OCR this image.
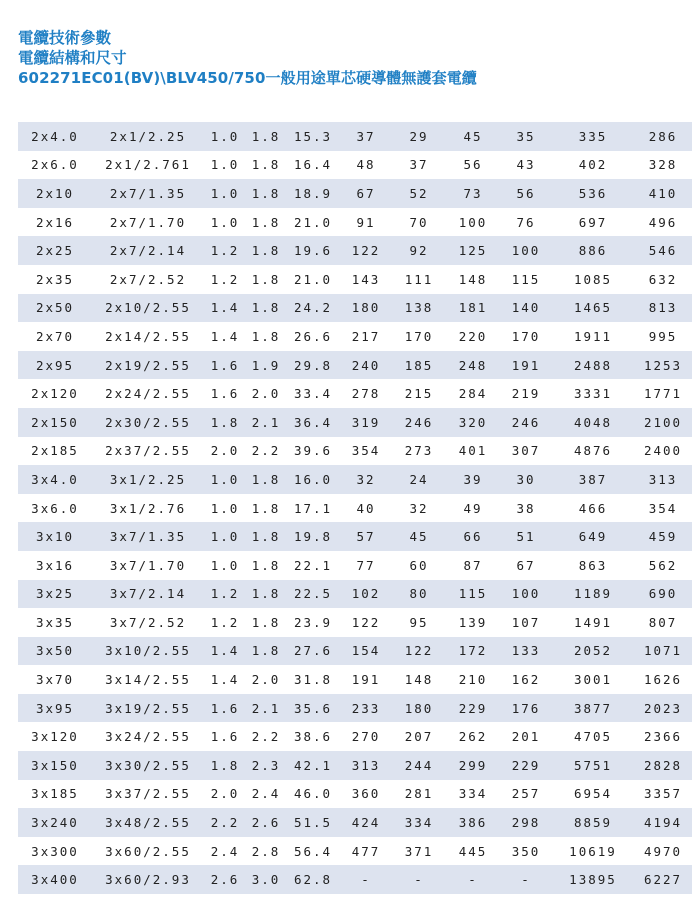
電纜技術參數
電纜結構和尺寸
602271EC01(BV)\BLV450/750一般用途單芯硬導體無護套電纜
2x4.0	2x1/2.25	1.0	1.8	15.3	37	29	45	35	335	286
2x6.0	2x1/2.761	1.0	1.8	16.4	48	37	56	43	402	328
2x10	2x7/1.35	1.0	1.8	18.9	67	52	73	56	536	410
2x16	2x7/1.70	1.0	1.8	21.0	91	70	100	76	697	496
2x25	2x7/2.14	1.2	1.8	19.6	122	92	125	100	886	546
2x35	2x7/2.52	1.2	1.8	21.0	143	111	148	115	1085	632
2x50	2x10/2.55	1.4	1.8	24.2	180	138	181	140	1465	813
2x70	2x14/2.55	1.4	1.8	26.6	217	170	220	170	1911	995
2x95	2x19/2.55	1.6	1.9	29.8	240	185	248	191	2488	1253
2x120	2x24/2.55	1.6	2.0	33.4	278	215	284	219	3331	1771
2x150	2x30/2.55	1.8	2.1	36.4	319	246	320	246	4048	2100
2x185	2x37/2.55	2.0	2.2	39.6	354	273	401	307	4876	2400
3x4.0	3x1/2.25	1.0	1.8	16.0	32	24	39	30	387	313
3x6.0	3x1/2.76	1.0	1.8	17.1	40	32	49	38	466	354
3x10	3x7/1.35	1.0	1.8	19.8	57	45	66	51	649	459
3x16	3x7/1.70	1.0	1.8	22.1	77	60	87	67	863	562
3x25	3x7/2.14	1.2	1.8	22.5	102	80	115	100	1189	690
3x35	3x7/2.52	1.2	1.8	23.9	122	95	139	107	1491	807
3x50	3x10/2.55	1.4	1.8	27.6	154	122	172	133	2052	1071
3x70	3x14/2.55	1.4	2.0	31.8	191	148	210	162	3001	1626
3x95	3x19/2.55	1.6	2.1	35.6	233	180	229	176	3877	2023
3x120	3x24/2.55	1.6	2.2	38.6	270	207	262	201	4705	2366
3x150	3x30/2.55	1.8	2.3	42.1	313	244	299	229	5751	2828
3x185	3x37/2.55	2.0	2.4	46.0	360	281	334	257	6954	3357
3x240	3x48/2.55	2.2	2.6	51.5	424	334	386	298	8859	4194
3x300	3x60/2.55	2.4	2.8	56.4	477	371	445	350	10619	4970
3x400	3x60/2.93	2.6	3.0	62.8	-	-	-	-	13895	6227
